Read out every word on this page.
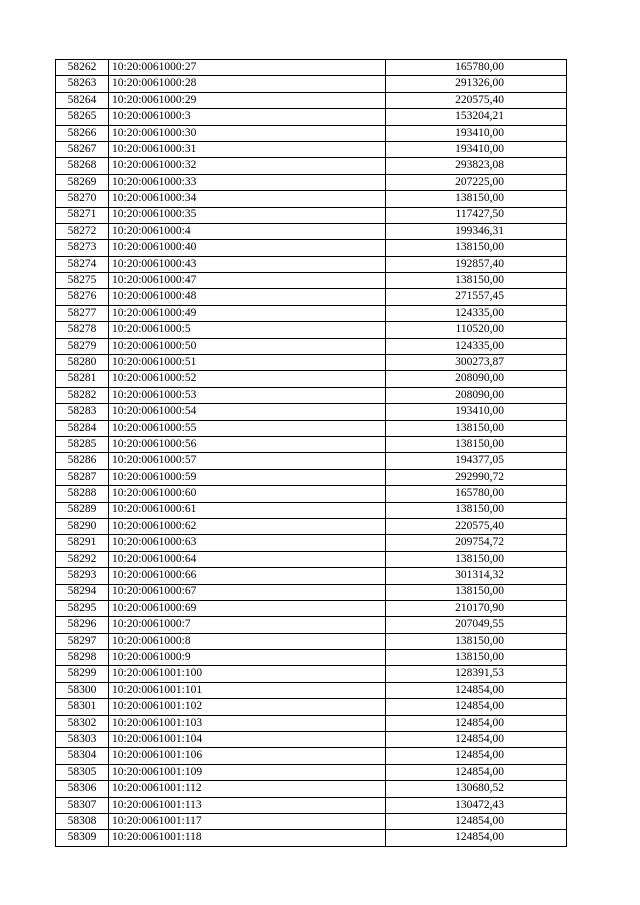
58262	10:20:0061000:27	165780,00
58263	10:20:0061000:28	291326,00
58264	10:20:0061000:29	220575,40
58265	10:20:0061000:3	153204,21
58266	10:20:0061000:30	193410,00
58267	10:20:0061000:31	193410,00
58268	10:20:0061000:32	293823,08
58269	10:20:0061000:33	207225,00
58270	10:20:0061000:34	138150,00
58271	10:20:0061000:35	117427,50
58272	10:20:0061000:4	199346,31
58273	10:20:0061000:40	138150,00
58274	10:20:0061000:43	192857,40
58275	10:20:0061000:47	138150,00
58276	10:20:0061000:48	271557,45
58277	10:20:0061000:49	124335,00
58278	10:20:0061000:5	110520,00
58279	10:20:0061000:50	124335,00
58280	10:20:0061000:51	300273,87
58281	10:20:0061000:52	208090,00
58282	10:20:0061000:53	208090,00
58283	10:20:0061000:54	193410,00
58284	10:20:0061000:55	138150,00
58285	10:20:0061000:56	138150,00
58286	10:20:0061000:57	194377,05
58287	10:20:0061000:59	292990,72
58288	10:20:0061000:60	165780,00
58289	10:20:0061000:61	138150,00
58290	10:20:0061000:62	220575,40
58291	10:20:0061000:63	209754,72
58292	10:20:0061000:64	138150,00
58293	10:20:0061000:66	301314,32
58294	10:20:0061000:67	138150,00
58295	10:20:0061000:69	210170,90
58296	10:20:0061000:7	207049,55
58297	10:20:0061000:8	138150,00
58298	10:20:0061000:9	138150,00
58299	10:20:0061001:100	128391,53
58300	10:20:0061001:101	124854,00
58301	10:20:0061001:102	124854,00
58302	10:20:0061001:103	124854,00
58303	10:20:0061001:104	124854,00
58304	10:20:0061001:106	124854,00
58305	10:20:0061001:109	124854,00
58306	10:20:0061001:112	130680,52
58307	10:20:0061001:113	130472,43
58308	10:20:0061001:117	124854,00
58309	10:20:0061001:118	124854,00
